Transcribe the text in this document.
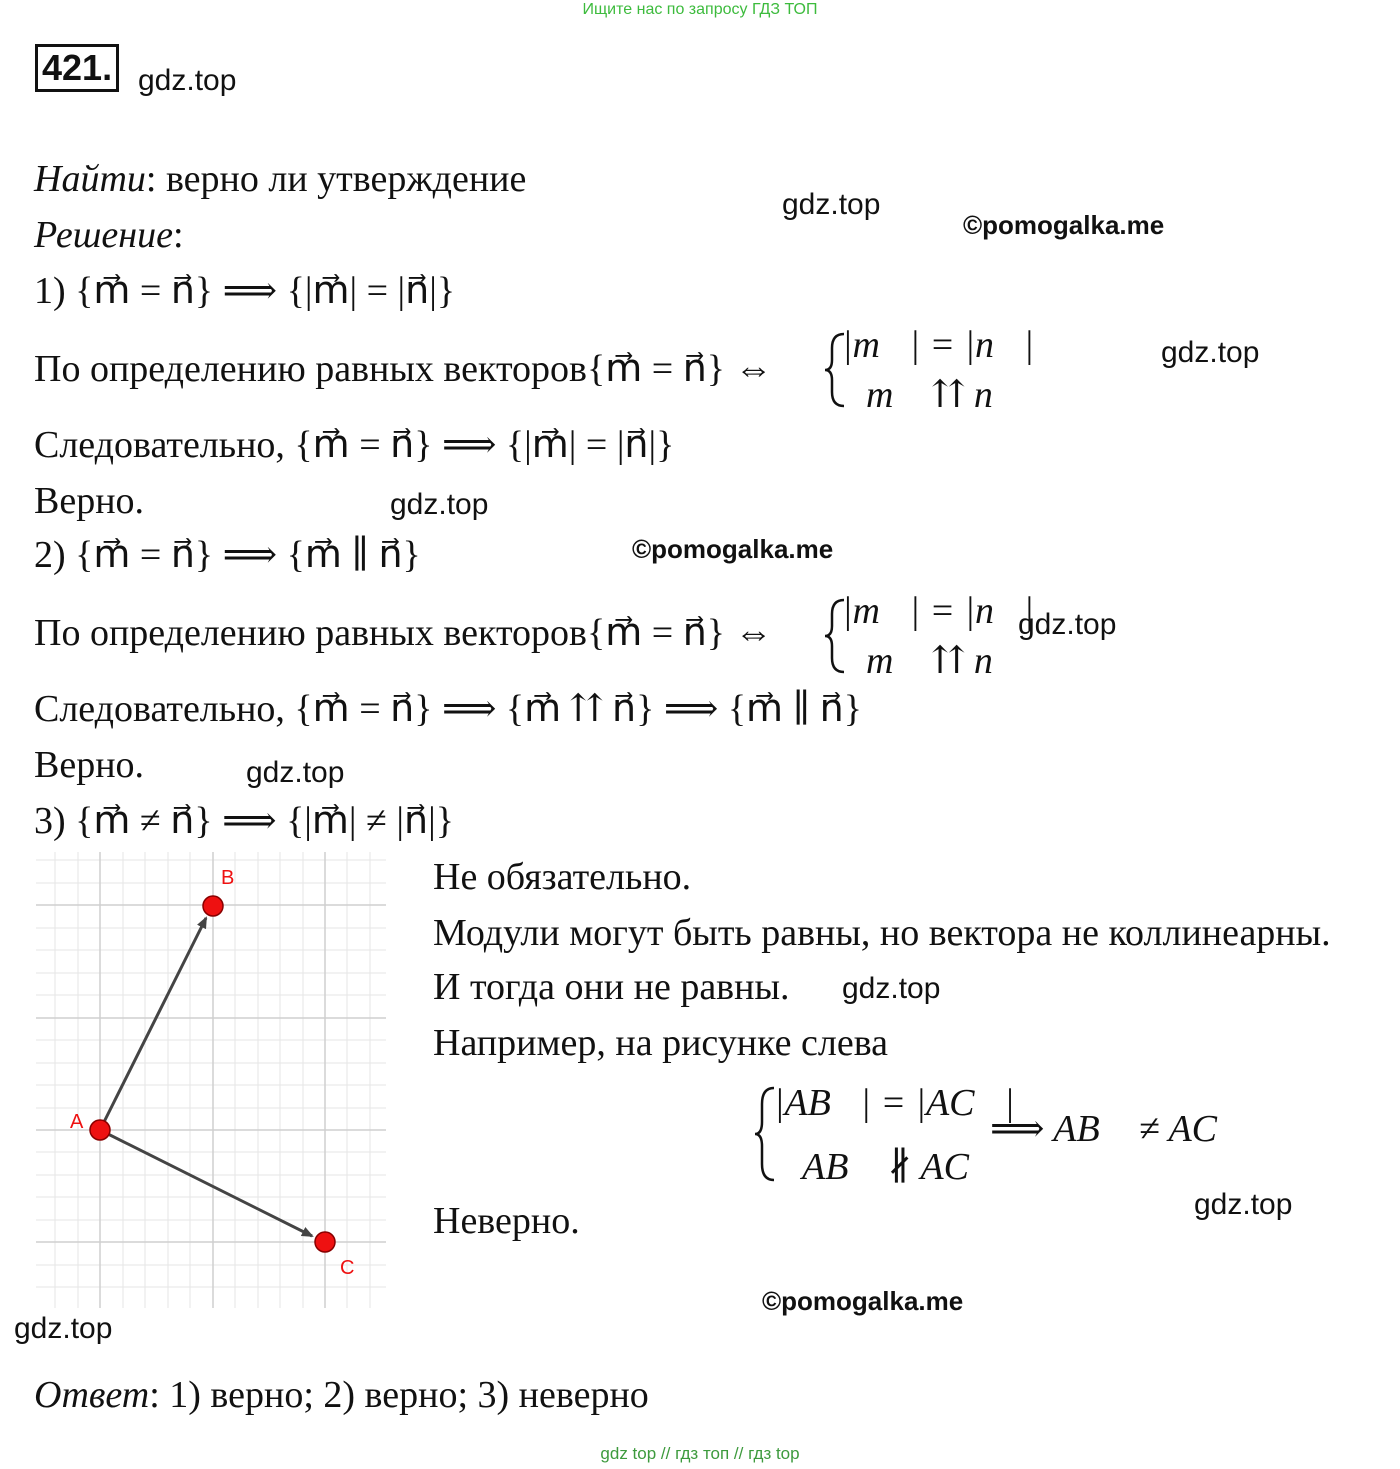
Ищите нас по запросу ГДЗ ТОП
421. gdz.top
Найти: верно ли утверждение
gdz.top
©pomogalka.me
Решение:
1) {m⃗ = n⃗} ⟹ {|m⃗| = |n⃗|}
По определению равных векторов{m⃗ = n⃗} ⇔
|m⃗| = |n⃗|
m⃗ ⇈ n⃗
gdz.top
Следовательно, {m⃗ = n⃗} ⟹ {|m⃗| = |n⃗|}
Верно.	gdz.top
©pomogalka.me
2) {m⃗ = n⃗} ⟹ {m⃗ ∥ n⃗}
По определению равных векторов{m⃗ = n⃗} ⇔
|m⃗| = |n⃗|
m⃗ ⇈ n⃗
gdz.top
Следовательно, {m⃗ = n⃗} ⟹ {m⃗ ⇈ n⃗} ⟹ {m⃗ ∥ n⃗}
Верно.	gdz.top
3) {m⃗ ≠ n⃗} ⟹ {|m⃗| ≠ |n⃗|}
A
B
C
Не обязательно.
Модули могут быть равны, но вектора не коллинеарны.
И тогда они не равны. gdz.top
Например, на рисунке слева
|AB⃗| = |AC⃗|
AB⃗ ∦ AC⃗
⟹ AB⃗ ≠ AC⃗
gdz.top
Неверно.
©pomogalka.me
gdz.top
Ответ: 1) верно; 2) верно; 3) неверно
gdz top // гдз топ // гдз top
